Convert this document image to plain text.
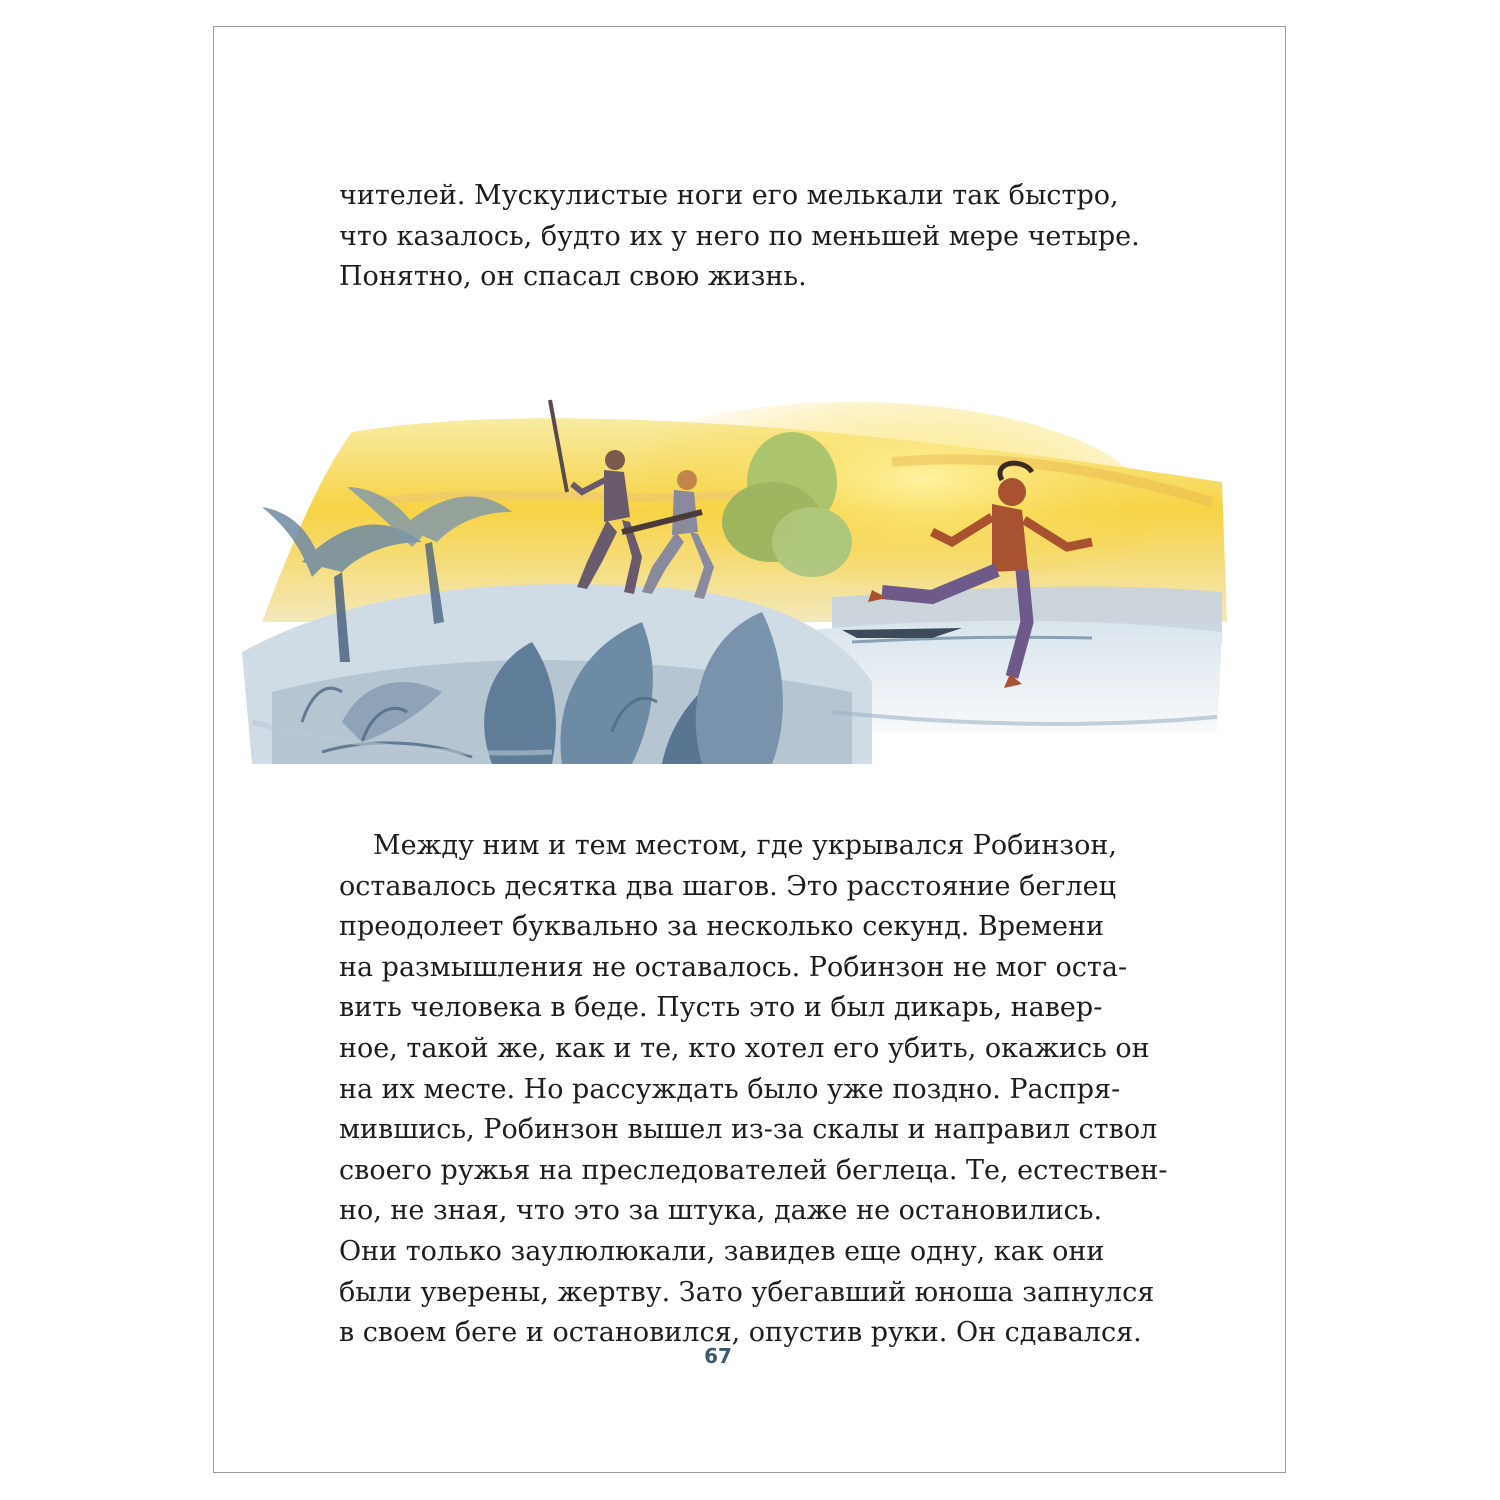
чителей. Мускулистые ноги его мелькали так быстро,
что казалось, будто их у него по меньшей мере четыре.
Понятно, он спасал свою жизнь.
Между ним и тем местом, где укрывался Робинзон,
оставалось десятка два шагов. Это расстояние беглец
преодолеет буквально за несколько секунд. Времени
на размышления не оставалось. Робинзон не мог оста-
вить человека в беде. Пусть это и был дикарь, навер-
ное, такой же, как и те, кто хотел его убить, окажись он
на их месте. Но рассуждать было уже поздно. Распря-
мившись, Робинзон вышел из-за скалы и направил ствол
своего ружья на преследователей беглеца. Те, естествен-
но, не зная, что это за штука, даже не остановились.
Они только заулюлюкали, завидев еще одну, как они
были уверены, жертву. Зато убегавший юноша запнулся
в своем беге и остановился, опустив руки. Он сдавался.
67
